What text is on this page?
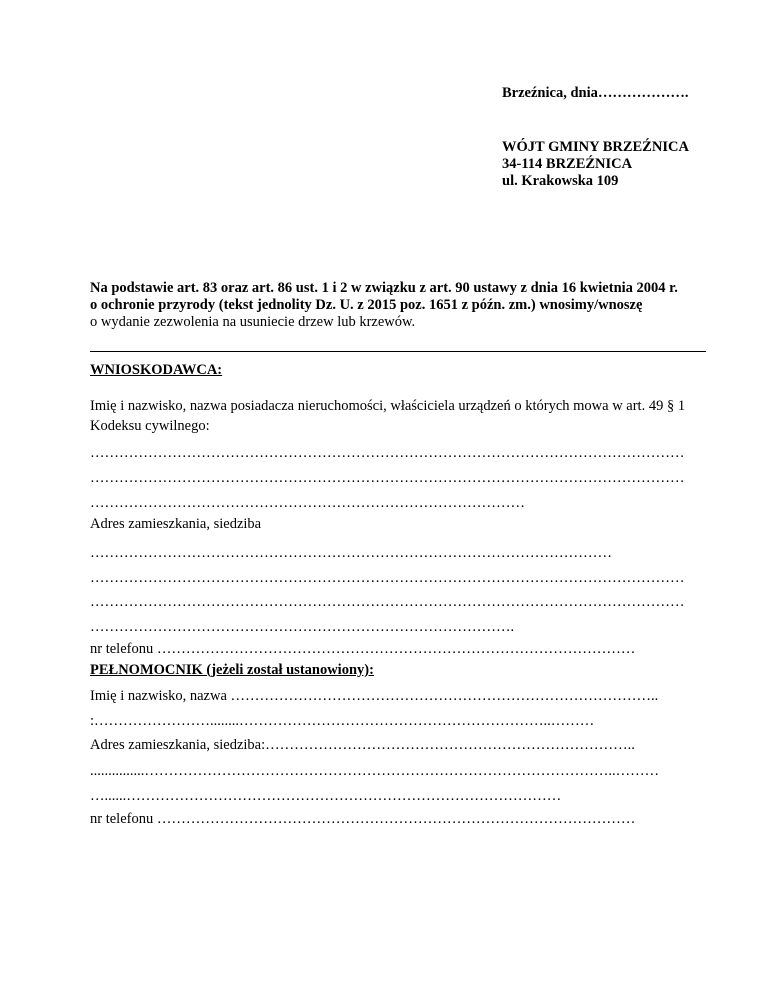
Brzeźnica, dnia……………….
WÓJT GMINY BRZEŹNICA
34-114 BRZEŹNICA
ul. Krakowska 109
Na podstawie art. 83 oraz art. 86 ust. 1 i 2 w związku z art. 90 ustawy z dnia 16 kwietnia 2004 r.
o ochronie przyrody (tekst jednolity Dz. U. z 2015 poz. 1651 z późn. zm.) wnosimy/wnoszę
o wydanie zezwolenia na usuniecie drzew lub krzewów.
WNIOSKODAWCA:
Imię i nazwisko, nazwa posiadacza nieruchomości, właściciela urządzeń o których mowa w art. 49 § 1
Kodeksu cywilnego:
……………………………………………………………………………………………………………
……………………………………………………………………………………………………………
………………………………………………………………………………
Adres zamieszkania, siedziba
………………………………………………………………………………………………
……………………………………………………………………………………………………………
……………………………………………………………………………………………………………
…………………………………………………………………………….
nr telefonu ………………………………………………………………………………………
PEŁNOMOCNIK (jeżeli został ustanowiony):
Imię i nazwisko, nazwa ……………………………………………………………………………..
:……………………........………………………………………………………..………
Adres zamieszkania, siedziba:…………………………………………………………………..
...............……………………………………………………………………………………..………
…......………………………………………………………………………………
nr telefonu ………………………………………………………………………………………
